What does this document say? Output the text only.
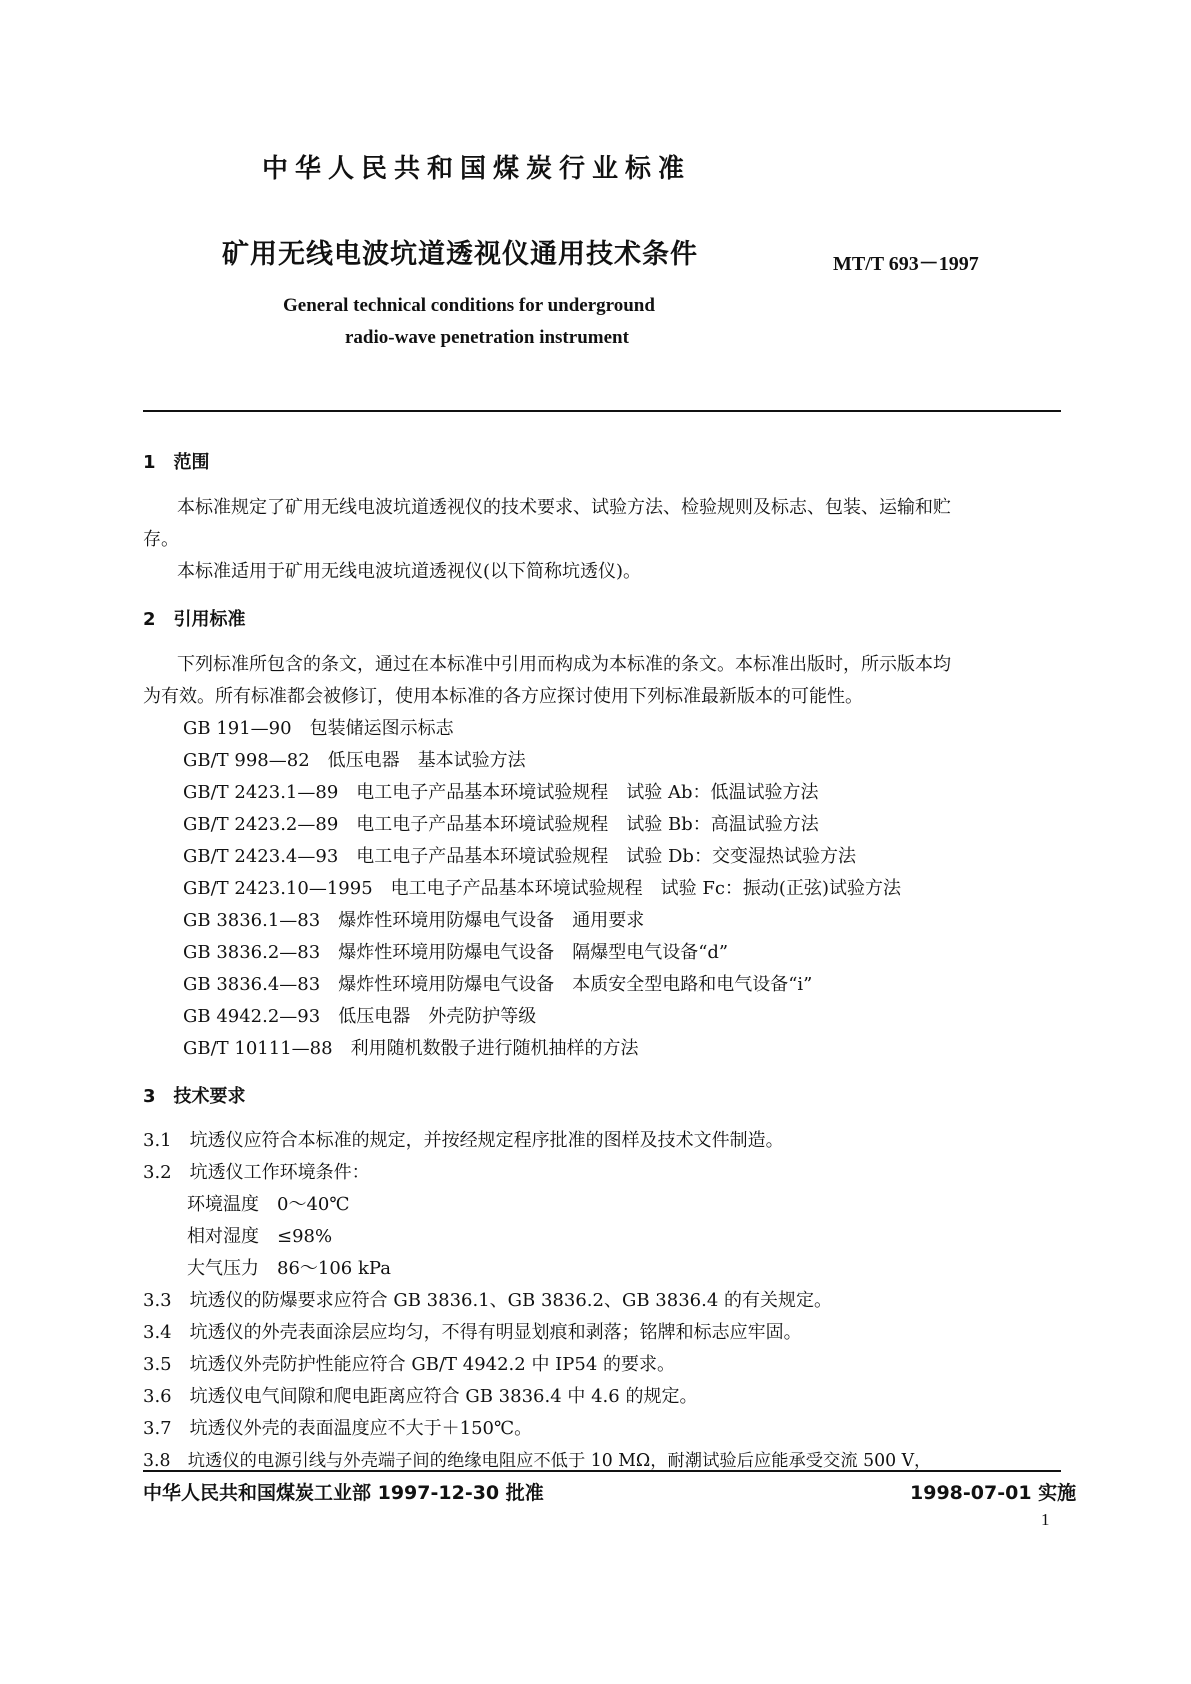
中华人民共和国煤炭行业标准
矿用无线电波坑道透视仪通用技术条件	MT/T 693－1997
General technical conditions for underground
radio-wave penetration instrument
1　范围
本标准规定了矿用无线电波坑道透视仪的技术要求、试验方法、检验规则及标志、包装、运输和贮
存。
本标准适用于矿用无线电波坑道透视仪(以下简称坑透仪)。
2　引用标准
下列标准所包含的条文，通过在本标准中引用而构成为本标准的条文。本标准出版时，所示版本均
为有效。所有标准都会被修订，使用本标准的各方应探讨使用下列标准最新版本的可能性。
GB 191—90　包装储运图示标志
GB/T 998—82　低压电器　基本试验方法
GB/T 2423.1—89　电工电子产品基本环境试验规程　试验 Ab：低温试验方法
GB/T 2423.2—89　电工电子产品基本环境试验规程　试验 Bb：高温试验方法
GB/T 2423.4—93　电工电子产品基本环境试验规程　试验 Db：交变湿热试验方法
GB/T 2423.10—1995　电工电子产品基本环境试验规程　试验 Fc：振动(正弦)试验方法
GB 3836.1—83　爆炸性环境用防爆电气设备　通用要求
GB 3836.2—83　爆炸性环境用防爆电气设备　隔爆型电气设备“d”
GB 3836.4—83　爆炸性环境用防爆电气设备　本质安全型电路和电气设备“i”
GB 4942.2—93　低压电器　外壳防护等级
GB/T 10111—88　利用随机数骰子进行随机抽样的方法
3　技术要求
3.1　坑透仪应符合本标准的规定，并按经规定程序批准的图样及技术文件制造。
3.2　坑透仪工作环境条件：
环境温度　0～40℃
相对湿度　≤98%
大气压力　86～106 kPa
3.3　坑透仪的防爆要求应符合 GB 3836.1、GB 3836.2、GB 3836.4 的有关规定。
3.4　坑透仪的外壳表面涂层应均匀，不得有明显划痕和剥落；铭牌和标志应牢固。
3.5　坑透仪外壳防护性能应符合 GB/T 4942.2 中 IP54 的要求。
3.6　坑透仪电气间隙和爬电距离应符合 GB 3836.4 中 4.6 的规定。
3.7　坑透仪外壳的表面温度应不大于＋150℃。
3.8　坑透仪的电源引线与外壳端子间的绝缘电阻应不低于 10 MΩ，耐潮试验后应能承受交流 500 V，
中华人民共和国煤炭工业部 1997-12-30 批准	1998-07-01 实施
1
